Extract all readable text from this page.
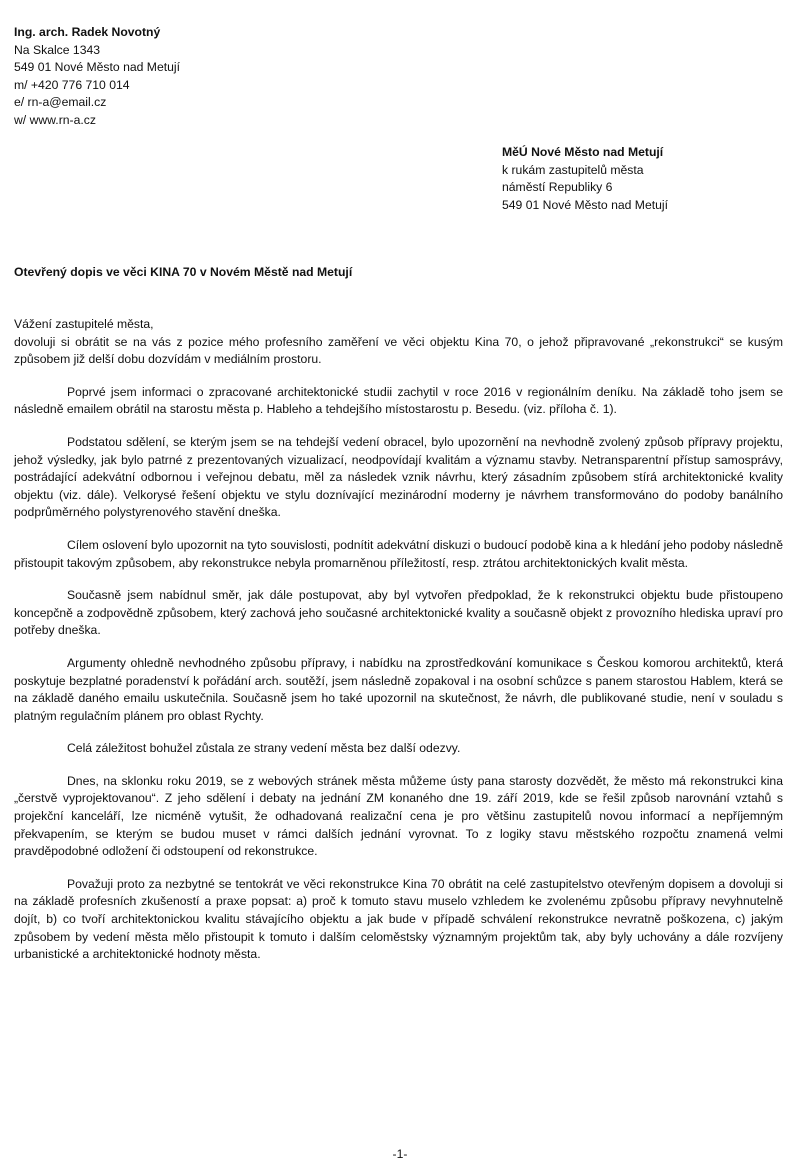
Ing. arch. Radek Novotný
Na Skalce 1343
549 01 Nové Město nad Metují
m/ +420 776 710 014
e/ rn-a@email.cz
w/ www.rn-a.cz
MěÚ Nové Město nad Metují
k rukám zastupitelů města
náměstí Republiky 6
549 01 Nové Město nad Metují
Otevřený dopis ve věci KINA 70 v Novém Městě nad Metují
Vážení zastupitelé města,

dovoluji si obrátit se na vás z pozice mého profesního zaměření ve věci objektu Kina 70, o jehož připravované „rekonstrukci“ se kusým způsobem již delší dobu dozvídám v mediálním prostoru.

Poprvé jsem informaci o zpracované architektonické studii zachytil v roce 2016 v regionálním deníku. Na základě toho jsem se následně emailem obrátil na starostu města p. Hableho a tehdejšího místostarostu p. Besedu. (viz. příloha č. 1).

Podstatou sdělení, se kterým jsem se na tehdejší vedení obracel, bylo upozornění na nevhodně zvolený způsob přípravy projektu, jehož výsledky, jak bylo patrné z prezentovaných vizualizací, neodpovídají kvalitám a významu stavby. Netransparentní přístup samosprávy, postrádající adekvátní odbornou i veřejnou debatu, měl za následek vznik návrhu, který zásadním způsobem stírá architektonické kvality objektu (viz. dále). Velkorysé řešení objektu ve stylu doznívající mezinárodní moderny je návrhem transformováno do podoby banálního podprůměrného polystyrenového stavění dneška.

Cílem oslovení bylo upozornit na tyto souvislosti, podnítit adekvátní diskuzi o budoucí podobě kina a k hledání jeho podoby následně přistoupit takovým způsobem, aby rekonstrukce nebyla promarněnou příležitostí, resp. ztrátou architektonických kvalit města.

Současně jsem nabídnul směr, jak dále postupovat, aby byl vytvořen předpoklad, že k rekonstrukci objektu bude přistoupeno koncepčně a zodpovědně způsobem, který zachová jeho současné architektonické kvality a současně objekt z provozního hlediska upraví pro potřeby dneška.

Argumenty ohledně nevhodného způsobu přípravy, i nabídku na zprostředkování komunikace s Českou komorou architektů, která poskytuje bezplatné poradenství k pořádání arch. soutěží, jsem následně zopakoval i na osobní schůzce s panem starostou Hablem, která se na základě daného emailu uskutečnila. Současně jsem ho také upozornil na skutečnost, že návrh, dle publikované studie, není v souladu s platným regulačním plánem pro oblast Rychty.

Celá záležitost bohužel zůstala ze strany vedení města bez další odezvy.

Dnes, na sklonku roku 2019, se z webových stránek města můžeme ústy pana starosty dozvědět, že město má rekonstrukci kina „čerstvě vyprojektovanou“. Z jeho sdělení i debaty na jednání ZM konaného dne 19. září 2019, kde se řešil způsob narovnání vztahů s projekční kanceláří, lze nicméně vytušit, že odhadovaná realizační cena je pro většinu zastupitelů novou informací a nepříjemným překvapením, se kterým se budou muset v rámci dalších jednání vyrovnat. To z logiky stavu městského rozpočtu znamená velmi pravděpodobné odložení či odstoupení od rekonstrukce.

Považuji proto za nezbytné se tentokrát ve věci rekonstrukce Kina 70 obrátit na celé zastupitelstvo otevřeným dopisem a dovoluji si na základě profesních zkušeností a praxe popsat: a) proč k tomuto stavu muselo vzhledem ke zvolenému způsobu přípravy nevyhnutelně dojít, b) co tvoří architektonickou kvalitu stávajícího objektu a jak bude v případě schválení rekonstrukce nevratně poškozena, c) jakým způsobem by vedení města mělo přistoupit k tomuto i dalším celoměstsky významným projektům tak, aby byly uchovány a dále rozvíjeny urbanistické a architektonické hodnoty města.

-1-
